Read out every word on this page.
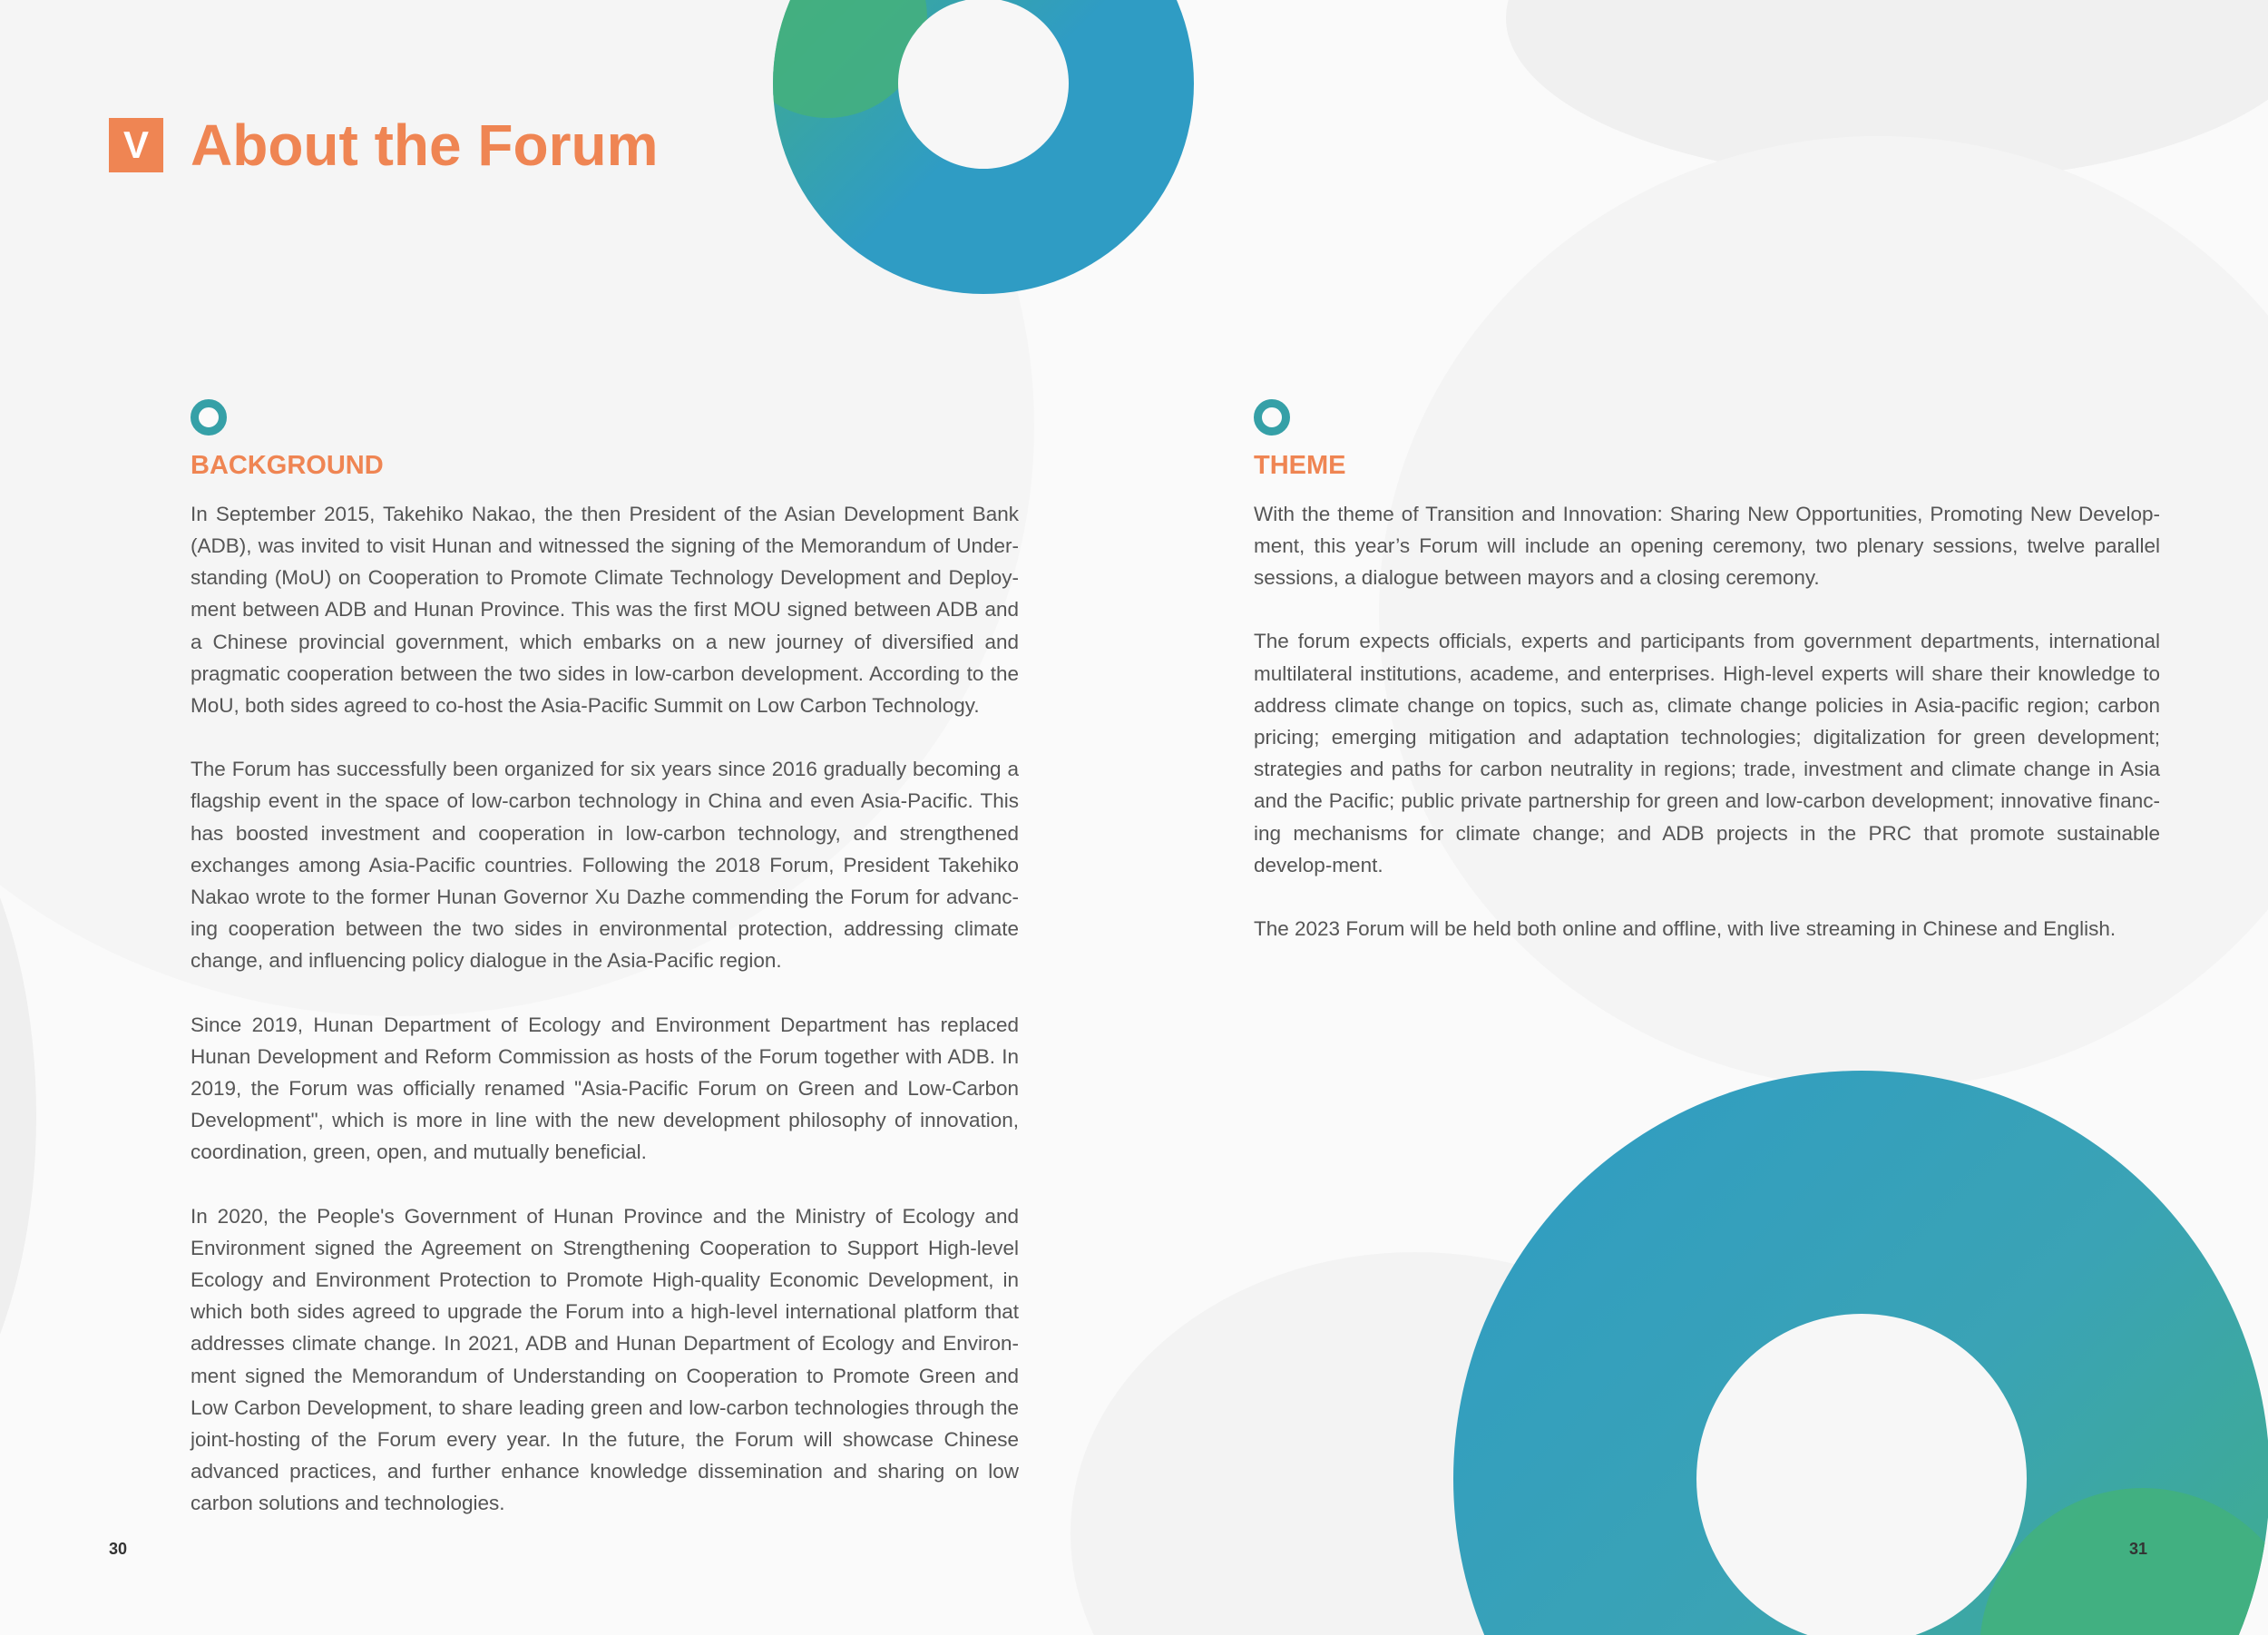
V About the Forum
BACKGROUND

In September 2015, Takehiko Nakao, the then President of the Asian Development Bank (ADB), was invited to visit Hunan and witnessed the signing of the Memorandum of Under-standing (MoU) on Cooperation to Promote Climate Technology Development and Deploy-ment between ADB and Hunan Province. This was the first MOU signed between ADB and a Chinese provincial government, which embarks on a new journey of diversified and pragmatic cooperation between the two sides in low-carbon development. According to the MoU, both sides agreed to co-host the Asia-Pacific Summit on Low Carbon Technology.

The Forum has successfully been organized for six years since 2016 gradually becoming a flagship event in the space of low-carbon technology in China and even Asia-Pacific. This has boosted investment and cooperation in low-carbon technology, and strengthened exchanges among Asia-Pacific countries. Following the 2018 Forum, President Takehiko Nakao wrote to the former Hunan Governor Xu Dazhe commending the Forum for advanc-ing cooperation between the two sides in environmental protection, addressing climate change, and influencing policy dialogue in the Asia-Pacific region.

Since 2019, Hunan Department of Ecology and Environment Department has replaced Hunan Development and Reform Commission as hosts of the Forum together with ADB. In 2019, the Forum was officially renamed "Asia-Pacific Forum on Green and Low-Carbon Development", which is more in line with the new development philosophy of innovation, coordination, green, open, and mutually beneficial.

In 2020, the People's Government of Hunan Province and the Ministry of Ecology and Environment signed the Agreement on Strengthening Cooperation to Support High-level Ecology and Environment Protection to Promote High-quality Economic Development, in which both sides agreed to upgrade the Forum into a high-level international platform that addresses climate change. In 2021, ADB and Hunan Department of Ecology and Environ-ment signed the Memorandum of Understanding on Cooperation to Promote Green and Low Carbon Development, to share leading green and low-carbon technologies through the joint-hosting of the Forum every year. In the future, the Forum will showcase Chinese advanced practices, and further enhance knowledge dissemination and sharing on low carbon solutions and technologies.

THEME

With the theme of Transition and Innovation: Sharing New Opportunities, Promoting New Develop-ment, this year’s Forum will include an opening ceremony, two plenary sessions, twelve parallel sessions, a dialogue between mayors and a closing ceremony.

The forum expects officials, experts and participants from government departments, international multilateral institutions, academe, and enterprises. High-level experts will share their knowledge to address climate change on topics, such as, climate change policies in Asia-pacific region; carbon pricing; emerging mitigation and adaptation technologies; digitalization for green development; strategies and paths for carbon neutrality in regions; trade, investment and climate change in Asia and the Pacific; public private partnership for green and low-carbon development; innovative financ-ing mechanisms for climate change; and ADB projects in the PRC that promote sustainable develop-ment.

The 2023 Forum will be held both online and offline, with live streaming in Chinese and English.

30	31
